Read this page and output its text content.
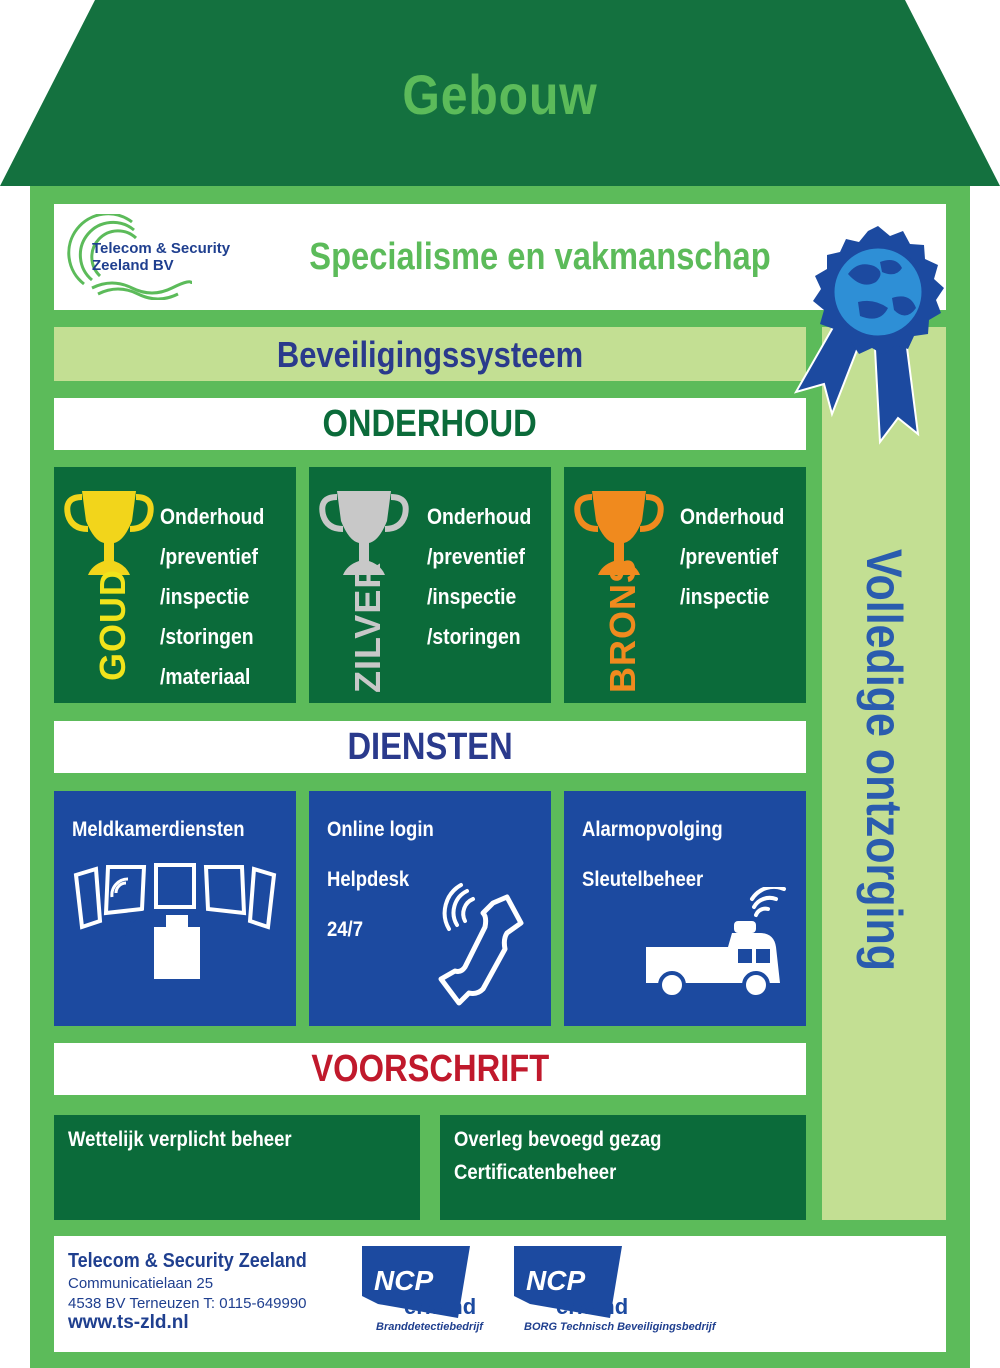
Gebouw
Telecom & Security
Zeeland BV	Specialisme en vakmanschap
Beveiligingssysteem
Volledige ontzorging
ONDERHOUD
GOUD
Onderhoud
/preventief
/inspectie
/storingen
/materiaal	ZILVER
Onderhoud
/preventief
/inspectie
/storingen BRONS
Onderhoud
/preventief
/inspectie
DIENSTEN
Meldkamerdiensten	Online login
Helpdesk
24/7
Alarmopvolging
Sleutelbeheer
VOORSCHRIFT
Wettelijk verplicht beheer	Overleg bevoegd gezag
Certificatenbeheer
Telecom & Security Zeeland
Communicatielaan 25
4538 BV Terneuzen T: 0115-649990
www.ts-zld.nl
NCP
erkend
Branddetectiebedrijf
NCP
erkend
BORG Technisch Beveiligingsbedrijf
